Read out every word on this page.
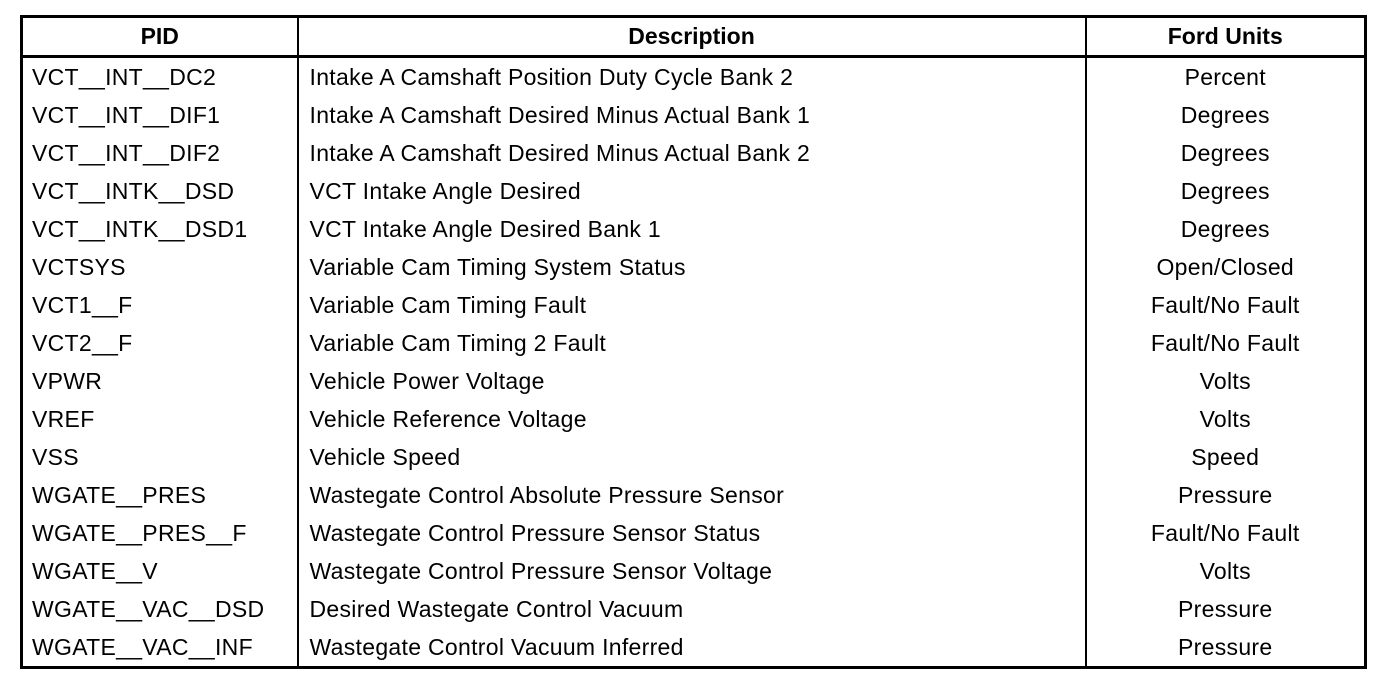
PID	Description	Ford Units
VCT__INT__DC2	Intake A Camshaft Position Duty Cycle Bank 2	Percent
VCT__INT__DIF1	Intake A Camshaft Desired Minus Actual Bank 1	Degrees
VCT__INT__DIF2	Intake A Camshaft Desired Minus Actual Bank 2	Degrees
VCT__INTK__DSD	VCT Intake Angle Desired	Degrees
VCT__INTK__DSD1	VCT Intake Angle Desired Bank 1	Degrees
VCTSYS	Variable Cam Timing System Status	Open/Closed
VCT1__F	Variable Cam Timing Fault	Fault/No Fault
VCT2__F	Variable Cam Timing 2 Fault	Fault/No Fault
VPWR	Vehicle Power Voltage	Volts
VREF	Vehicle Reference Voltage	Volts
VSS	Vehicle Speed	Speed
WGATE__PRES	Wastegate Control Absolute Pressure Sensor	Pressure
WGATE__PRES__F	Wastegate Control Pressure Sensor Status	Fault/No Fault
WGATE__V	Wastegate Control Pressure Sensor Voltage	Volts
WGATE__VAC__DSD	Desired Wastegate Control Vacuum	Pressure
WGATE__VAC__INF	Wastegate Control Vacuum Inferred	Pressure
